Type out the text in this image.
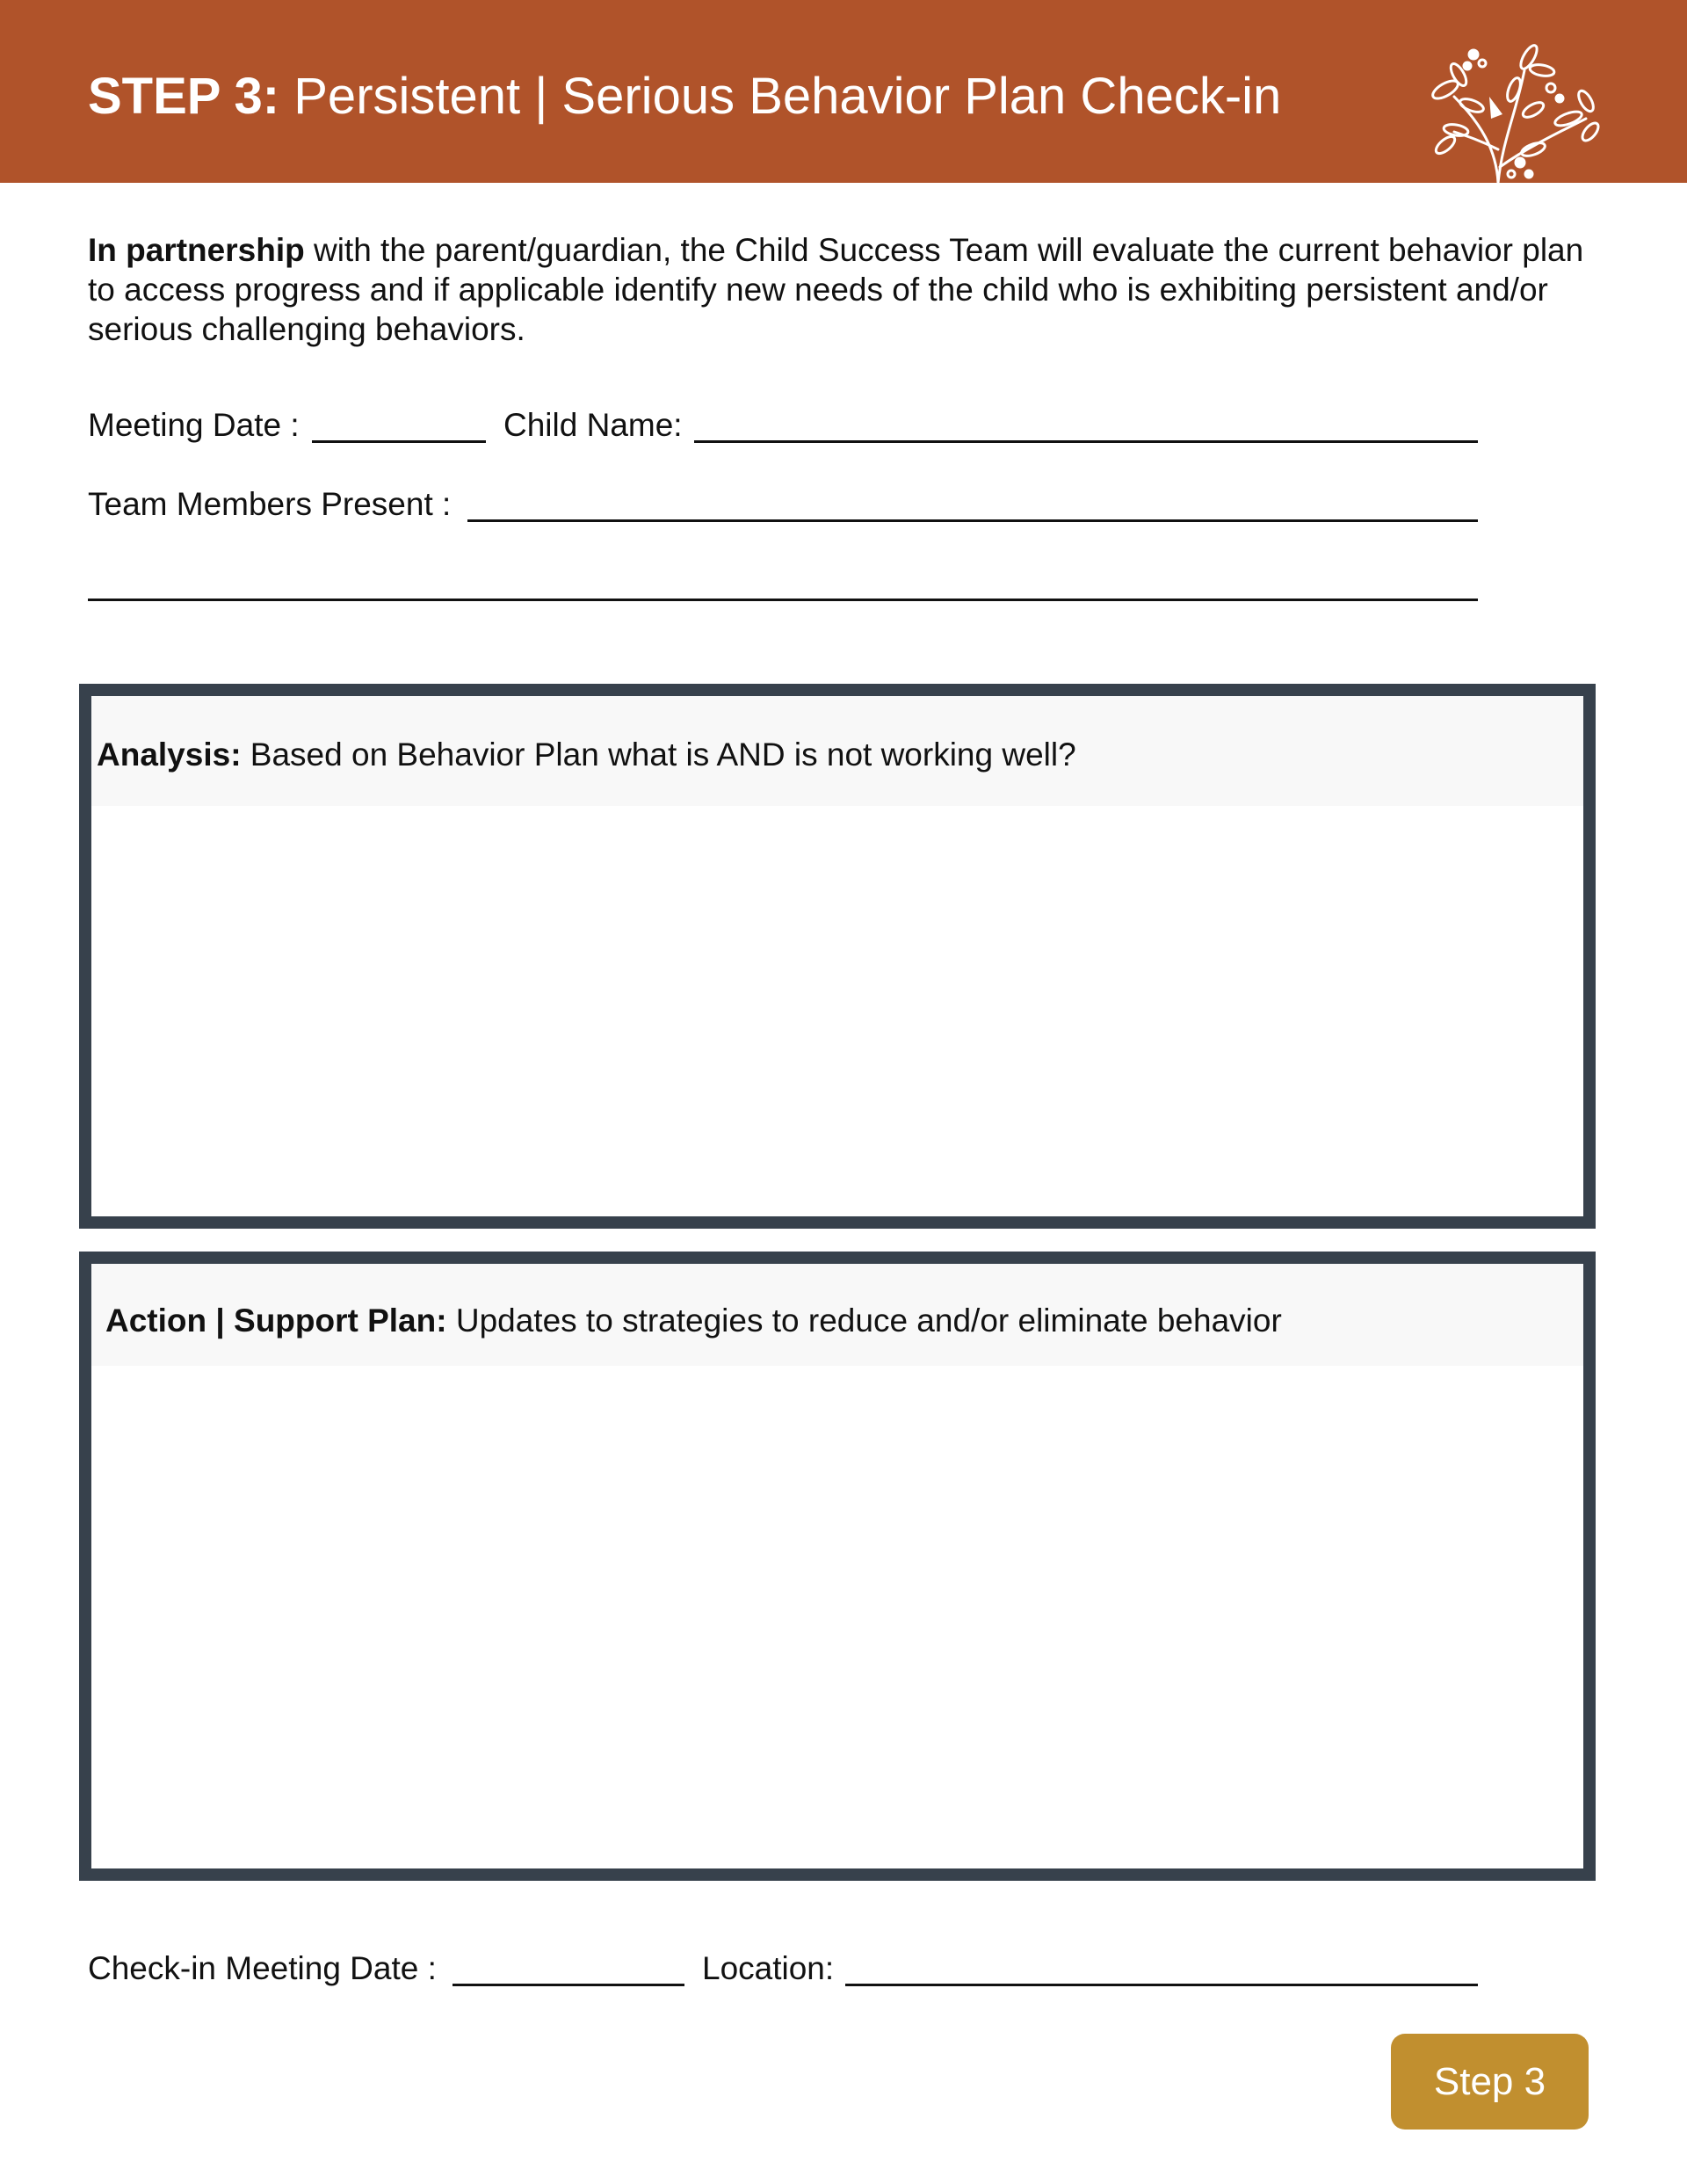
STEP 3: Persistent | Serious Behavior Plan Check-in
In partnership with the parent/guardian, the Child Success Team will evaluate the current behavior plan to access progress and if applicable identify new needs of the child who is exhibiting persistent and/or serious challenging behaviors.
Meeting Date :	Child Name:
Team Members Present :
Analysis: Based on Behavior Plan what is AND is not working well?
Action | Support Plan: Updates to strategies to reduce and/or eliminate behavior
Check-in Meeting Date :	Location:
Step 3
